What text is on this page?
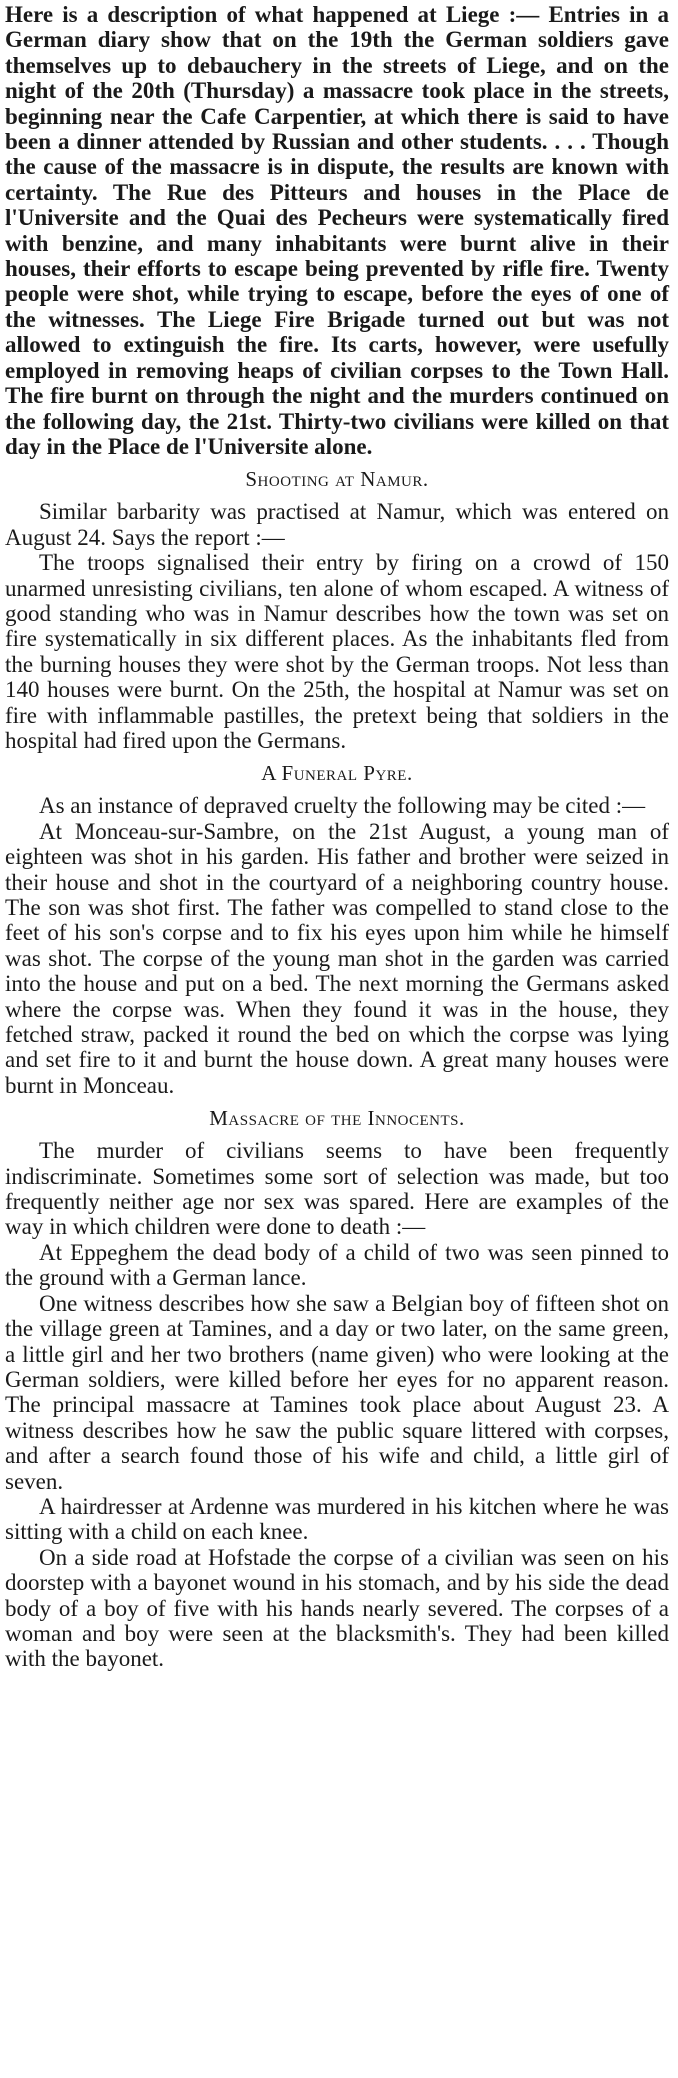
Here is a description of what happened at Liege :— Entries in a German diary show that on the 19th the German soldiers gave themselves up to debauchery in the streets of Liege, and on the night of the 20th (Thursday) a massacre took place in the streets, beginning near the Cafe Carpentier, at which there is said to have been a dinner attended by Russian and other students. . . . Though the cause of the massacre is in dispute, the results are known with certainty. The Rue des Pitteurs and houses in the Place de l'Universite and the Quai des Pecheurs were systematically fired with benzine, and many inhabitants were burnt alive in their houses, their efforts to escape being prevented by rifle fire. Twenty people were shot, while trying to escape, before the eyes of one of the witnesses. The Liege Fire Brigade turned out but was not allowed to extinguish the fire. Its carts, however, were usefully employed in removing heaps of civilian corpses to the Town Hall. The fire burnt on through the night and the murders continued on the following day, the 21st. Thirty-two civilians were killed on that day in the Place de l'Universite alone.

Shooting at Namur.

Similar barbarity was practised at Namur, which was entered on August 24. Says the report :—

The troops signalised their entry by firing on a crowd of 150 unarmed unresisting civilians, ten alone of whom escaped. A witness of good standing who was in Namur describes how the town was set on fire systematically in six different places. As the inhabitants fled from the burning houses they were shot by the German troops. Not less than 140 houses were burnt. On the 25th, the hospital at Namur was set on fire with inflammable pastilles, the pretext being that soldiers in the hospital had fired upon the Germans.

A Funeral Pyre.

As an instance of depraved cruelty the following may be cited :—

At Monceau-sur-Sambre, on the 21st August, a young man of eighteen was shot in his garden. His father and brother were seized in their house and shot in the courtyard of a neighboring country house. The son was shot first. The father was compelled to stand close to the feet of his son's corpse and to fix his eyes upon him while he himself was shot. The corpse of the young man shot in the garden was carried into the house and put on a bed. The next morning the Germans asked where the corpse was. When they found it was in the house, they fetched straw, packed it round the bed on which the corpse was lying and set fire to it and burnt the house down. A great many houses were burnt in Monceau.

Massacre of the Innocents.

The murder of civilians seems to have been frequently indiscriminate. Sometimes some sort of selection was made, but too frequently neither age nor sex was spared. Here are examples of the way in which children were done to death :—

At Eppeghem the dead body of a child of two was seen pinned to the ground with a German lance.

One witness describes how she saw a Belgian boy of fifteen shot on the village green at Tamines, and a day or two later, on the same green, a little girl and her two brothers (name given) who were looking at the German soldiers, were killed before her eyes for no apparent reason. The principal massacre at Tamines took place about August 23. A witness describes how he saw the public square littered with corpses, and after a search found those of his wife and child, a little girl of seven.

A hairdresser at Ardenne was murdered in his kitchen where he was sitting with a child on each knee.

On a side road at Hofstade the corpse of a civilian was seen on his doorstep with a bayonet wound in his stomach, and by his side the dead body of a boy of five with his hands nearly severed. The corpses of a woman and boy were seen at the blacksmith's. They had been killed with the bayonet.
